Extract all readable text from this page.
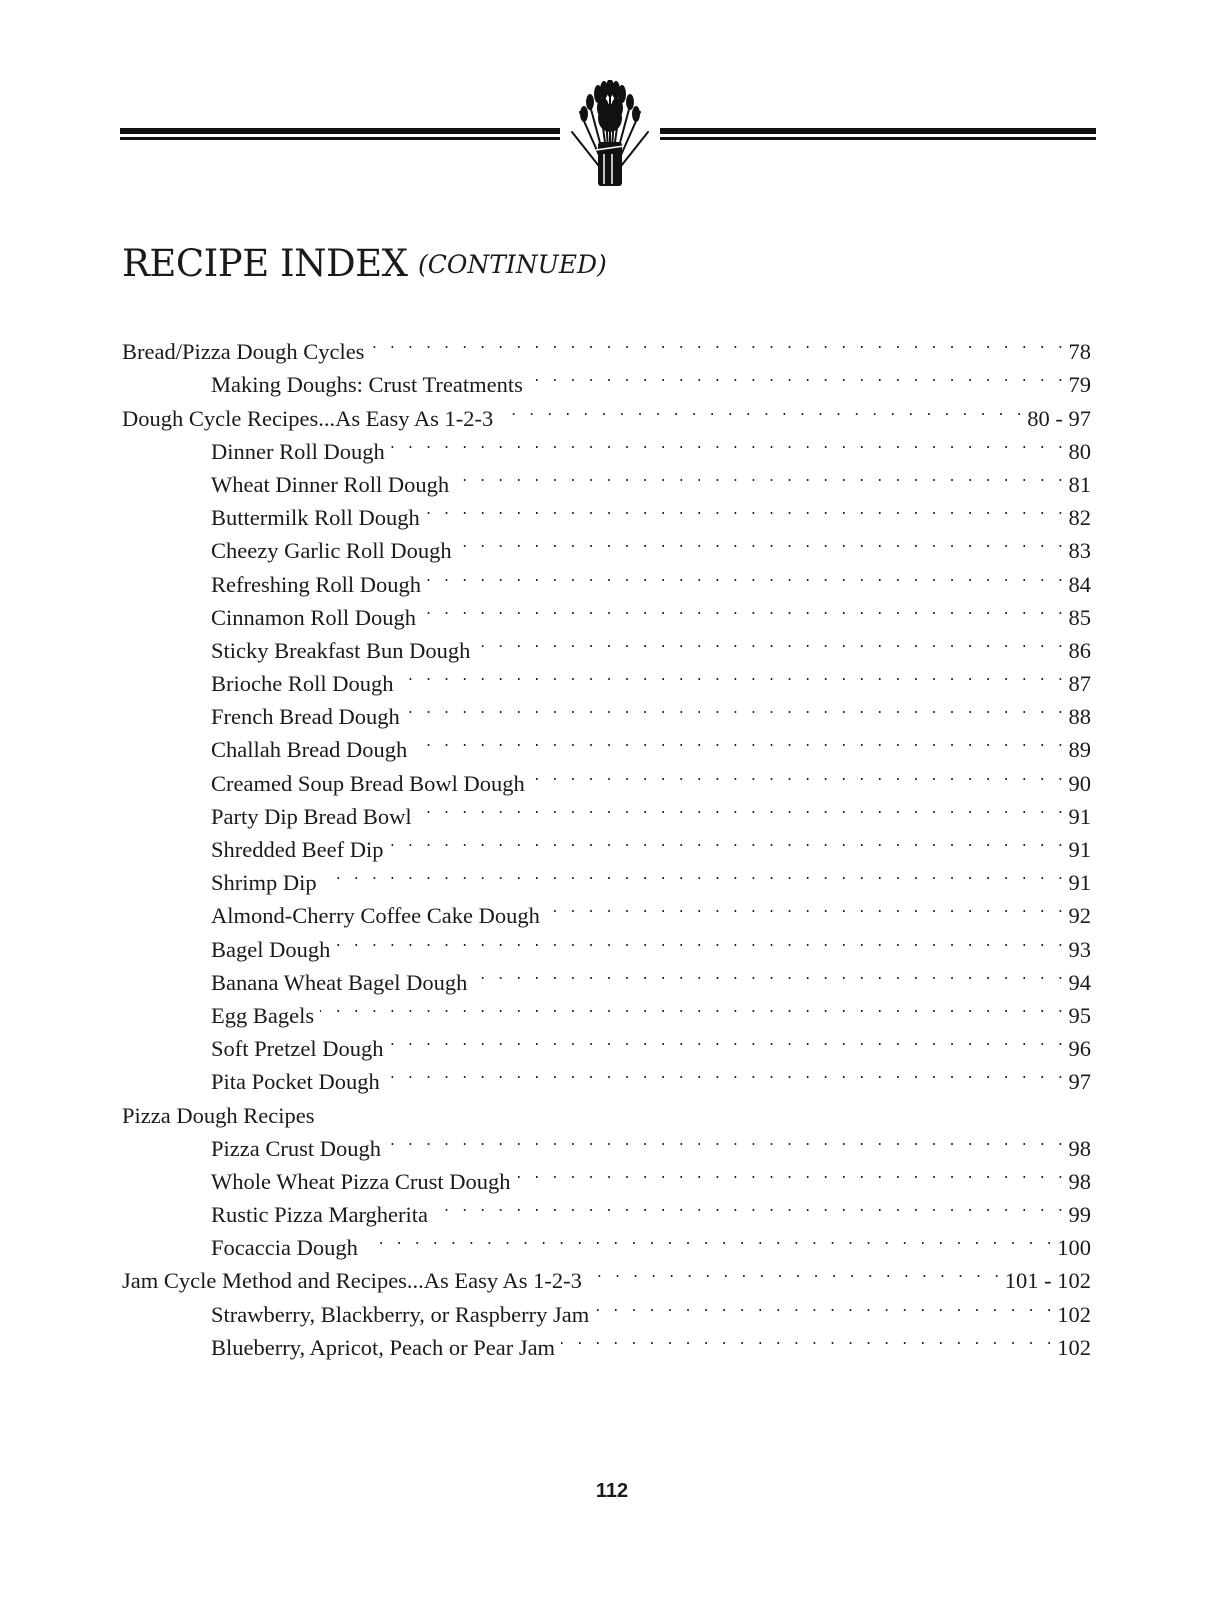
RECIPE INDEX (CONTINUED)
Bread/Pizza Dough Cycles . . .	78
Making Doughs: Crust Treatments . . .	79
Dough Cycle Recipes...As Easy As 1-2-3 . . .	80 - 97
Dinner Roll Dough . . .	80
Wheat Dinner Roll Dough . . .	81
Buttermilk Roll Dough . . .	82
Cheezy Garlic Roll Dough . . .	83
Refreshing Roll Dough . . .	84
Cinnamon Roll Dough . . .	85
Sticky Breakfast Bun Dough . . .	86
Brioche Roll Dough . . .	87
French Bread Dough . . .	88
Challah Bread Dough . . .	89
Creamed Soup Bread Bowl Dough . . .	90
Party Dip Bread Bowl . . .	91
Shredded Beef Dip . . .	91
Shrimp Dip . . .	91
Almond-Cherry Coffee Cake Dough . . .	92
Bagel Dough . . .	93
Banana Wheat Bagel Dough . . .	94
Egg Bagels . . .	95
Soft Pretzel Dough . . .	96
Pita Pocket Dough . . .	97
Pizza Dough Recipes
Pizza Crust Dough . . .	98
Whole Wheat Pizza Crust Dough . . .	98
Rustic Pizza Margherita . . .	99
Focaccia Dough . . .	100
Jam Cycle Method and Recipes...As Easy As 1-2-3 . . .	101 - 102
Strawberry, Blackberry, or Raspberry Jam . . .	102
Blueberry, Apricot, Peach or Pear Jam . . .	102
112
